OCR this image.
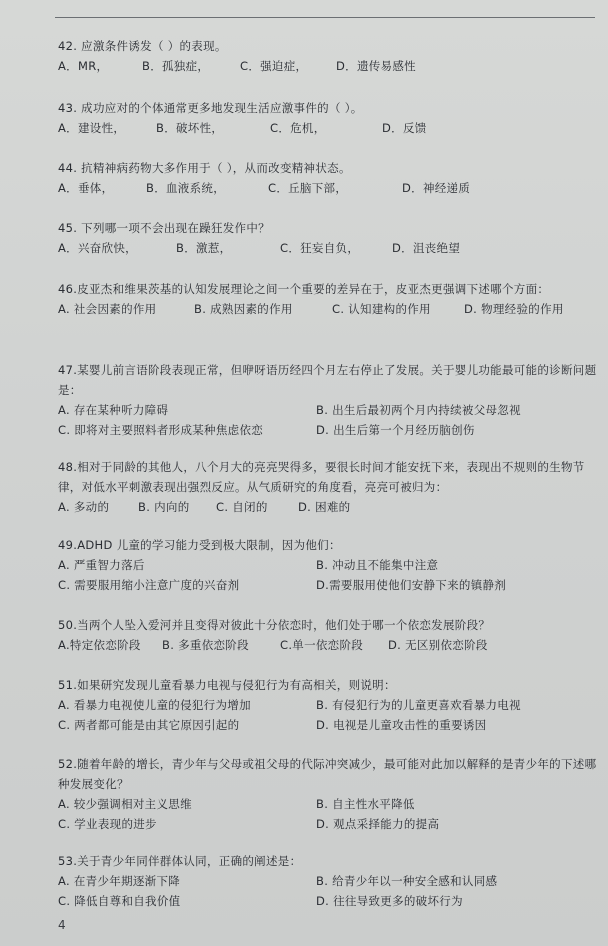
42. 应激条件诱发（ ）的表现。
A．MR，	B．孤独症，	C．强迫症，	D．遗传易感性
43. 成功应对的个体通常更多地发现生活应激事件的（ ）。
A．建设性，	B．破坏性，	C．危机，	D．反馈
44. 抗精神病药物大多作用于（ ），从而改变精神状态。
A．垂体，	B．血液系统，	C．丘脑下部，	D．神经递质
45. 下列哪一项不会出现在躁狂发作中？
A．兴奋欣快，	B．激惹，	C．狂妄自负，	D．沮丧绝望
46.皮亚杰和维果茨基的认知发展理论之间一个重要的差异在于，皮亚杰更强调下述哪个方面：
A. 社会因素的作用	B. 成熟因素的作用	C. 认知建构的作用	D. 物理经验的作用
47.某婴儿前言语阶段表现正常，但咿呀语历经四个月左右停止了发展。关于婴儿功能最可能的诊断问题是：
A. 存在某种听力障碍	B. 出生后最初两个月内持续被父母忽视
C. 即将对主要照料者形成某种焦虑依恋	D. 出生后第一个月经历脑创伤
48.相对于同龄的其他人，八个月大的亮亮哭得多，要很长时间才能安抚下来，表现出不规则的生物节律，对低水平刺激表现出强烈反应。从气质研究的角度看，亮亮可被归为：
A. 多动的	B. 内向的	C. 自闭的	D. 困难的
49.ADHD 儿童的学习能力受到极大限制，因为他们：
A. 严重智力落后	B. 冲动且不能集中注意
C. 需要服用缩小注意广度的兴奋剂	D.需要服用使他们安静下来的镇静剂
50.当两个人坠入爱河并且变得对彼此十分依恋时，他们处于哪一个依恋发展阶段？
A.特定依恋阶段	B. 多重依恋阶段	C.单一依恋阶段	D. 无区别依恋阶段
51.如果研究发现儿童看暴力电视与侵犯行为有高相关，则说明：
A. 看暴力电视使儿童的侵犯行为增加	B. 有侵犯行为的儿童更喜欢看暴力电视
C. 两者都可能是由其它原因引起的	D. 电视是儿童攻击性的重要诱因
52.随着年龄的增长，青少年与父母或祖父母的代际冲突减少，最可能对此加以解释的是青少年的下述哪种发展变化？
A. 较少强调相对主义思维	B. 自主性水平降低
C. 学业表现的进步	D. 观点采择能力的提高
53.关于青少年同伴群体认同，正确的阐述是：
A. 在青少年期逐渐下降	B. 给青少年以一种安全感和认同感
C. 降低自尊和自我价值	D. 往往导致更多的破坏行为
4
